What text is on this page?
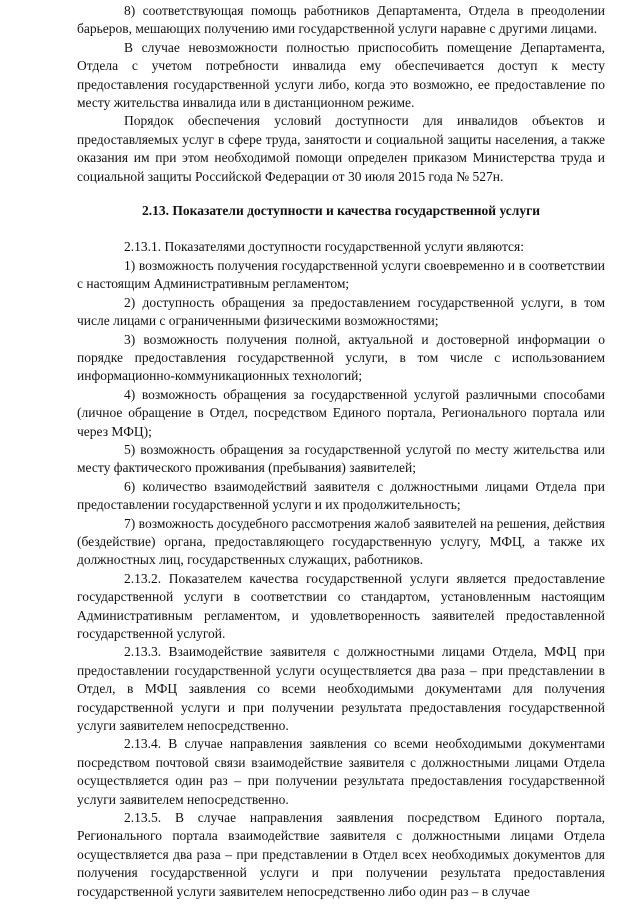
8) соответствующая помощь работников Департамента, Отдела в преодолении барьеров, мешающих получению ими государственной услуги наравне с другими лицами.

В случае невозможности полностью приспособить помещение Департамента, Отдела с учетом потребности инвалида ему обеспечивается доступ к месту предоставления государственной услуги либо, когда это возможно, ее предоставление по месту жительства инвалида или в дистанционном режиме.

Порядок обеспечения условий доступности для инвалидов объектов и предоставляемых услуг в сфере труда, занятости и социальной защиты населения, а также оказания им при этом необходимой помощи определен приказом Министерства труда и социальной защиты Российской Федерации от 30 июля 2015 года № 527н.

2.13. Показатели доступности и качества государственной услуги

2.13.1. Показателями доступности государственной услуги являются:

1) возможность получения государственной услуги своевременно и в соответствии с настоящим Административным регламентом;

2) доступность обращения за предоставлением государственной услуги, в том числе лицами с ограниченными физическими возможностями;

3) возможность получения полной, актуальной и достоверной информации о порядке предоставления государственной услуги, в том числе с использованием информационно-коммуникационных технологий;

4) возможность обращения за государственной услугой различными способами (личное обращение в Отдел, посредством Единого портала, Регионального портала или через МФЦ);

5) возможность обращения за государственной услугой по месту жительства или месту фактического проживания (пребывания) заявителей;

6) количество взаимодействий заявителя с должностными лицами Отдела при предоставлении государственной услуги и их продолжительность;

7) возможность досудебного рассмотрения жалоб заявителей на решения, действия (бездействие) органа, предоставляющего государственную услугу, МФЦ, а также их должностных лиц, государственных служащих, работников.

2.13.2. Показателем качества государственной услуги является предоставление государственной услуги в соответствии со стандартом, установленным настоящим Административным регламентом, и удовлетворенность заявителей предоставленной государственной услугой.

2.13.3. Взаимодействие заявителя с должностными лицами Отдела, МФЦ при предоставлении государственной услуги осуществляется два раза – при представлении в Отдел, в МФЦ заявления со всеми необходимыми документами для получения государственной услуги и при получении результата предоставления государственной услуги заявителем непосредственно.

2.13.4. В случае направления заявления со всеми необходимыми документами посредством почтовой связи взаимодействие заявителя с должностными лицами Отдела осуществляется один раз – при получении результата предоставления государственной услуги заявителем непосредственно.

2.13.5. В случае направления заявления посредством Единого портала, Регионального портала взаимодействие заявителя с должностными лицами Отдела осуществляется два раза – при представлении в Отдел всех необходимых документов для получения государственной услуги и при получении результата предоставления государственной услуги заявителем непосредственно либо один раз – в случае
